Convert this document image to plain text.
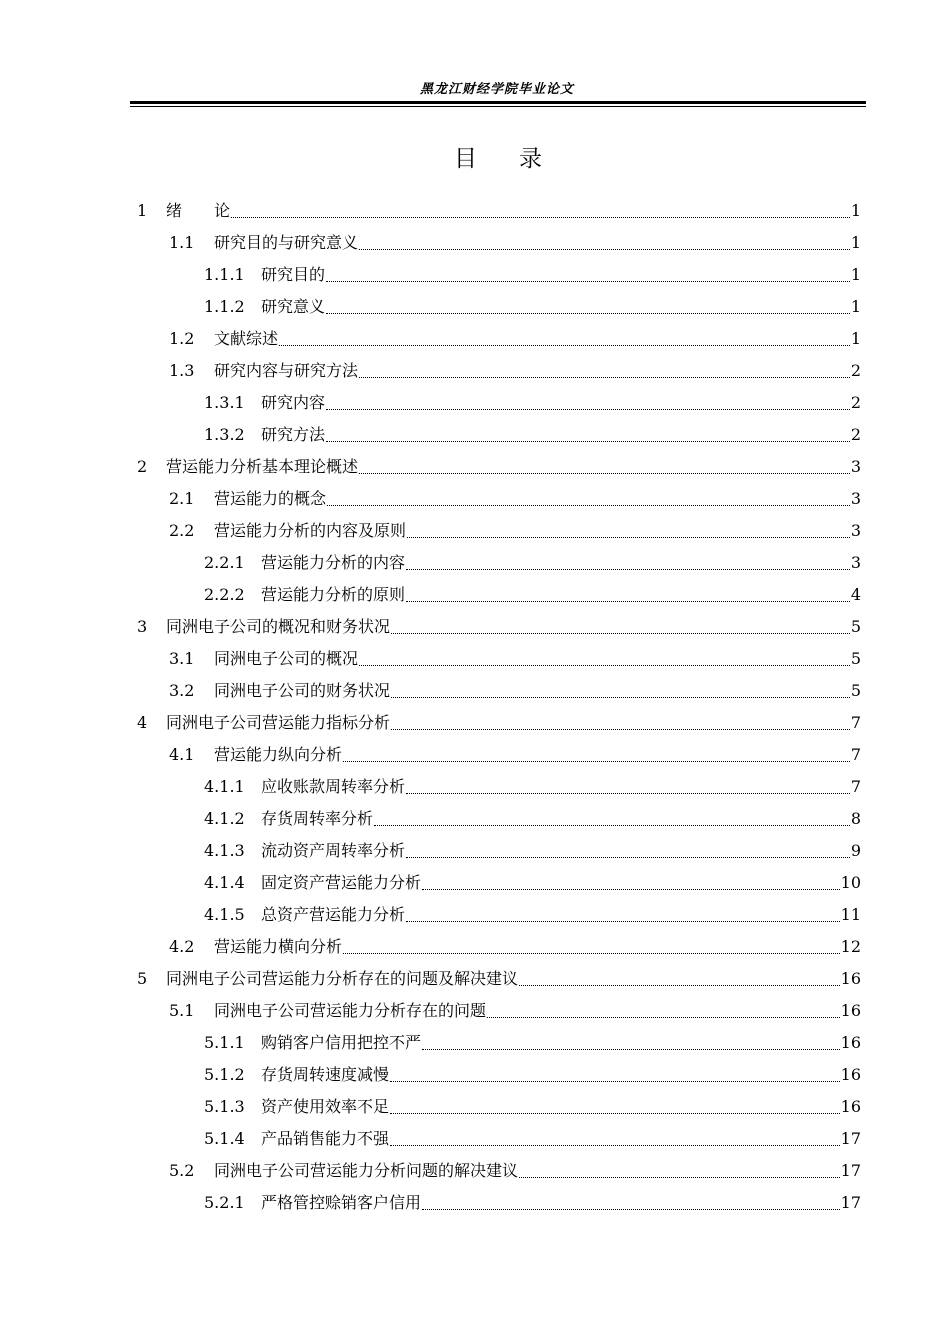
黑龙江财经学院毕业论文
目录
1	绪　　论	1
1.1	研究目的与研究意义	1
1.1.1	研究目的	1
1.1.2	研究意义	1
1.2	文献综述	1
1.3	研究内容与研究方法	2
1.3.1	研究内容	2
1.3.2	研究方法	2
2	营运能力分析基本理论概述	3
2.1	营运能力的概念	3
2.2	营运能力分析的内容及原则	3
2.2.1	营运能力分析的内容	3
2.2.2	营运能力分析的原则	4
3	同洲电子公司的概况和财务状况	5
3.1	同洲电子公司的概况	5
3.2	同洲电子公司的财务状况	5
4	同洲电子公司营运能力指标分析	7
4.1	营运能力纵向分析	7
4.1.1	应收账款周转率分析	7
4.1.2	存货周转率分析	8
4.1.3	流动资产周转率分析	9
4.1.4	固定资产营运能力分析	10
4.1.5	总资产营运能力分析	11
4.2	营运能力横向分析	12
5	同洲电子公司营运能力分析存在的问题及解决建议	16
5.1	同洲电子公司营运能力分析存在的问题	16
5.1.1	购销客户信用把控不严	16
5.1.2	存货周转速度减慢	16
5.1.3	资产使用效率不足	16
5.1.4	产品销售能力不强	17
5.2	同洲电子公司营运能力分析问题的解决建议	17
5.2.1	严格管控赊销客户信用	17
